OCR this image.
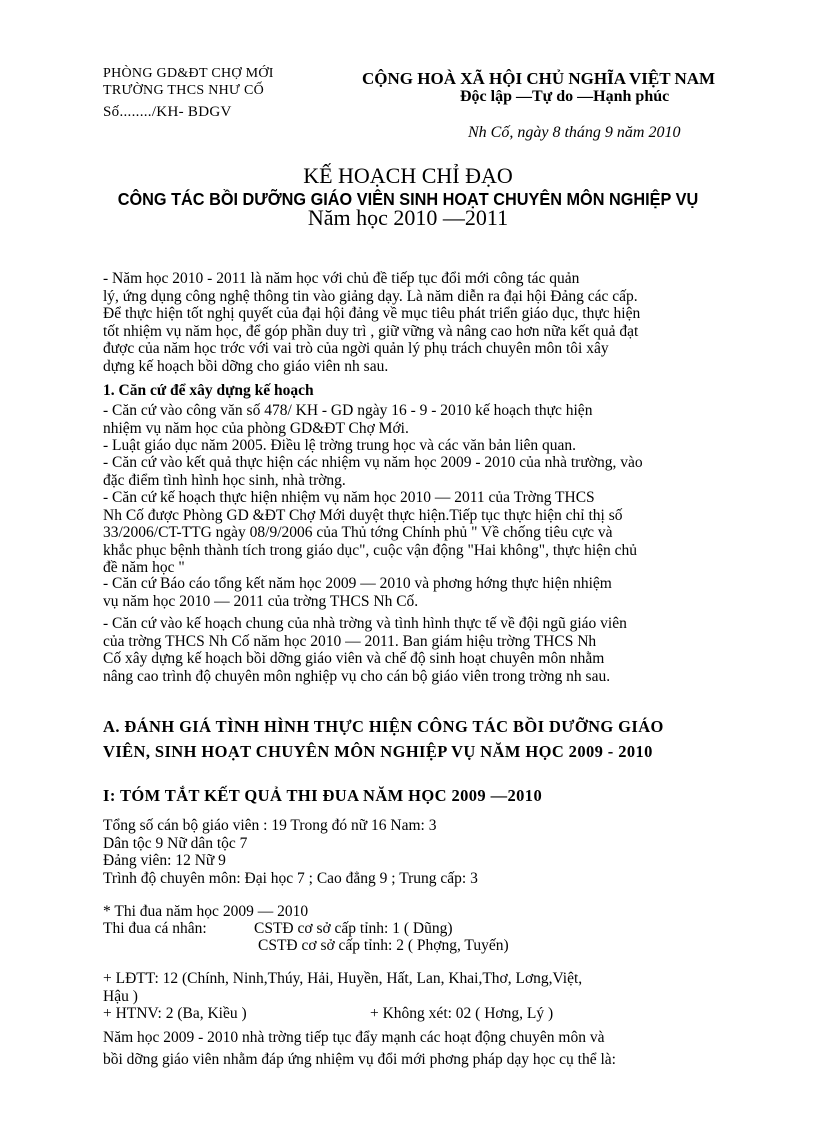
PHÒNG GD&ĐT CHỢ MỚI
TRƯỜNG THCS NHƯ CỐ
Số......../KH- BDGV
CỘNG HOÀ XÃ HỘI CHỦ NGHĨA VIỆT NAM
Độc lập —Tự do —Hạnh phúc
Nh Cố, ngày 8 tháng 9 năm 2010
KẾ HOẠCH CHỈ ĐẠO
CÔNG TÁC BỒI DƯỠNG GIÁO VIÊN SINH HOẠT CHUYÊN MÔN NGHIỆP VỤ
Năm học 2010 —2011
- Năm học 2010 - 2011 là năm học với chủ đề tiếp tục đổi mới công tác quản
lý, ứng dụng công nghệ thông tin vào giảng dạy. Là năm diễn ra đại hội Đảng các cấp.
Để thực hiện tốt nghị quyết của đại hội đảng về mục tiêu phát triển giáo dục, thực hiện
tốt nhiệm vụ năm học, để góp phần duy trì , giữ vững và nâng cao hơn nữa kết quả đạt
được của năm học trớc với vai trò của ngời quản lý phụ trách chuyên môn tôi xây
dựng kế hoạch bồi dỡng cho giáo viên nh sau.
1. Căn cứ để xây dựng kế hoạch
- Căn cứ vào công văn số 478/ KH - GD ngày 16 - 9 - 2010 kế hoạch thực hiện
nhiệm vụ năm học của phòng GD&ĐT Chợ Mới.
- Luật giáo dục năm 2005. Điều lệ trờng trung học và các văn bản liên quan.
- Căn cứ vào kết quả thực hiện các nhiệm vụ năm học 2009 - 2010 của nhà trường, vào
đặc điểm tình hình học sinh, nhà trờng.
- Căn cứ kế hoạch thực hiện nhiệm vụ năm học 2010 — 2011 của Trờng THCS
Nh Cố được Phòng GD &ĐT Chợ Mới duyệt thực hiện.Tiếp tục thực hiện chỉ thị số
33/2006/CT-TTG ngày 08/9/2006 của Thủ tớng Chính phủ " Về chống tiêu cực và
khắc phục bệnh thành tích trong giáo dục", cuộc vận động "Hai không", thực hiện chủ
đề năm học "
- Căn cứ Báo cáo tổng kết năm học 2009 — 2010 và phơng hớng thực hiện nhiệm
vụ năm học 2010 — 2011 của trờng THCS Nh Cố.
- Căn cứ vào kế hoạch chung của nhà trờng và tình hình thực tế về đội ngũ giáo viên
của trờng THCS Nh Cố năm học 2010 — 2011. Ban giám hiệu trờng THCS Nh
Cố xây dựng kế hoạch bồi dỡng giáo viên và chế độ sinh hoạt chuyên môn nhằm
nâng cao trình độ chuyên môn nghiệp vụ cho cán bộ giáo viên trong trờng nh sau.
A. ĐÁNH GIÁ TÌNH HÌNH THỰC HIỆN CÔNG TÁC BỒI DƯỠNG GIÁO
VIÊN, SINH HOẠT CHUYÊN MÔN NGHIỆP VỤ NĂM HỌC 2009 - 2010
I: TÓM TẮT KẾT QUẢ THI ĐUA NĂM HỌC 2009 —2010
Tổng số cán bộ giáo viên : 19 Trong đó nữ 16 Nam: 3
Dân tộc 9 Nữ dân tộc 7
Đảng viên: 12 Nữ 9
Trình độ chuyên môn: Đại học 7 ; Cao đẳng 9 ; Trung cấp: 3
* Thi đua năm học 2009 — 2010
Thi đua cá nhân:	CSTĐ cơ sở cấp tỉnh: 1 ( Dũng)
CSTĐ cơ sở cấp tỉnh: 2 ( Phợng, Tuyến)
+ LĐTT: 12 (Chính, Ninh,Thúy, Hải, Huyền, Hất, Lan, Khai,Thơ, Lơng,Việt,
Hậu )
+ HTNV: 2 (Ba, Kiều )	+ Không xét: 02 ( Hơng, Lý )
Năm học 2009 - 2010 nhà trờng tiếp tục đẩy mạnh các hoạt động chuyên môn và
bồi dỡng giáo viên nhằm đáp ứng nhiệm vụ đổi mới phơng pháp dạy học cụ thể là:
